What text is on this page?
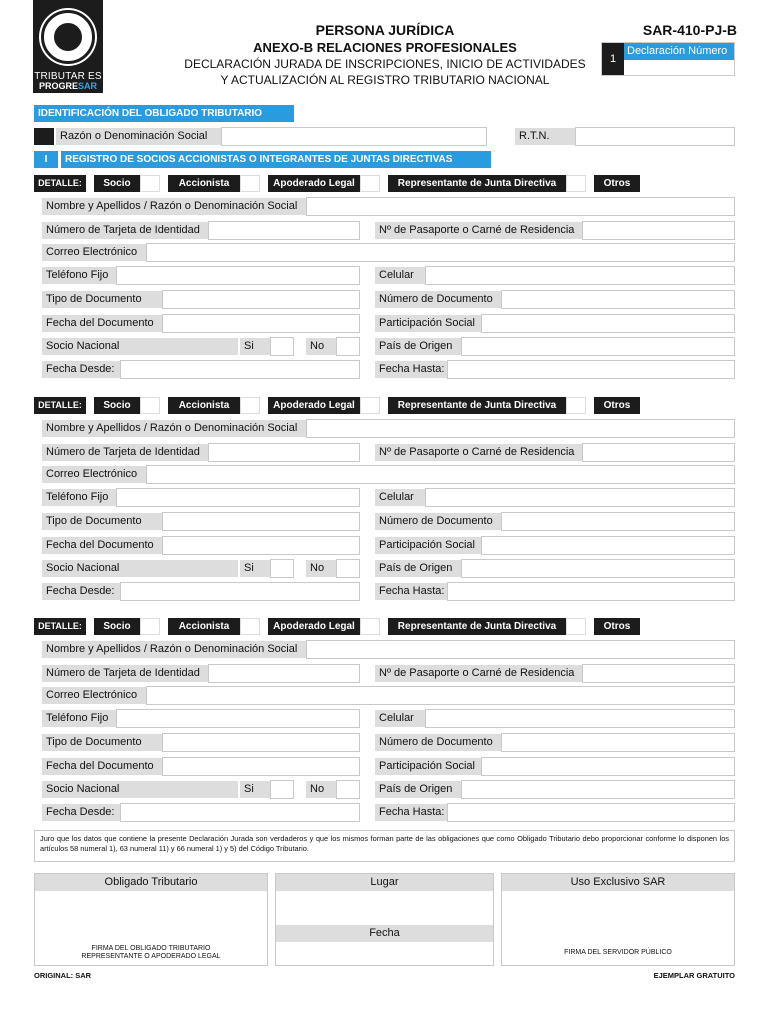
TRIBUTAR ES
PROGRESAR
PERSONA JURÍDICA
ANEXO-B RELACIONES PROFESIONALES
DECLARACIÓN JURADA DE INSCRIPCIONES, INICIO DE ACTIVIDADES
Y ACTUALIZACIÓN AL REGISTRO TRIBUTARIO NACIONAL
SAR-410-PJ-B
1
Declaración Número
IDENTIFICACIÓN DEL OBLIGADO TRIBUTARIO
Razón o Denominación Social	R.T.N.
I	REGISTRO DE SOCIOS ACCIONISTAS O INTEGRANTES DE JUNTAS DIRECTIVAS
DETALLE:	Socio	Accionista	Apoderado Legal	Representante de Junta Directiva	Otros
Nombre y Apellidos / Razón o Denominación Social
Número de Tarjeta de Identidad	Nº de Pasaporte o Carné de Residencia
Correo Electrónico
Teléfono Fijo	Celular
Tipo de Documento	Número de Documento
Fecha del Documento	Participación Social
Socio Nacional	Si	No	País de Origen
Fecha Desde:	Fecha Hasta:
DETALLE:	Socio	Accionista	Apoderado Legal	Representante de Junta Directiva	Otros
Nombre y Apellidos / Razón o Denominación Social
Número de Tarjeta de Identidad	Nº de Pasaporte o Carné de Residencia
Correo Electrónico
Teléfono Fijo	Celular
Tipo de Documento	Número de Documento
Fecha del Documento	Participación Social
Socio Nacional	Si	No	País de Origen
Fecha Desde:	Fecha Hasta:
DETALLE:	Socio	Accionista	Apoderado Legal	Representante de Junta Directiva	Otros
Nombre y Apellidos / Razón o Denominación Social
Número de Tarjeta de Identidad	Nº de Pasaporte o Carné de Residencia
Correo Electrónico
Teléfono Fijo	Celular
Tipo de Documento	Número de Documento
Fecha del Documento	Participación Social
Socio Nacional	Si	No	País de Origen
Fecha Desde:	Fecha Hasta:
Juro que los datos que contiene la presente Declaración Jurada son verdaderos y que los mismos forman parte de las obligaciones que como Obligado Tributario debo proporcionar conforme lo disponen los artículos 58 numeral 1), 63 numeral 11) y 66 numeral 1) y 5) del Código Tributario.
Obligado Tributario
FIRMA DEL OBLIGADO TRIBUTARIO
REPRESENTANTE O APODERADO LEGAL
Lugar
Fecha
Uso Exclusivo SAR
FIRMA DEL SERVIDOR PÚBLICO
ORIGINAL: SAR	EJEMPLAR GRATUITO
